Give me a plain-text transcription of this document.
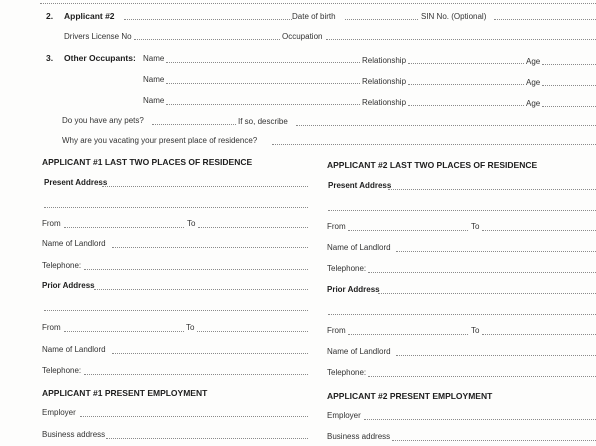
2. Applicant #2	Date of birth	SIN No. (Optional)
Drivers License No	Occupation
3. Other Occupants: Name	Relationship	Age
Name	Relationship	Age
Name	Relationship	Age
Do you have any pets?	If so, describe
Why are you vacating your present place of residence?
APPLICANT #1 LAST TWO PLACES OF RESIDENCE
Present Address
From	To
Name of Landlord
Telephone:
Prior Address
From	To
Name of Landlord
Telephone:
APPLICANT #2 LAST TWO PLACES OF RESIDENCE
Present Address
From	To
Name of Landlord
Telephone:
Prior Address
From	To
Name of Landlord
Telephone:
APPLICANT #1 PRESENT EMPLOYMENT
Employer
Business address
APPLICANT #2 PRESENT EMPLOYMENT
Employer
Business address
